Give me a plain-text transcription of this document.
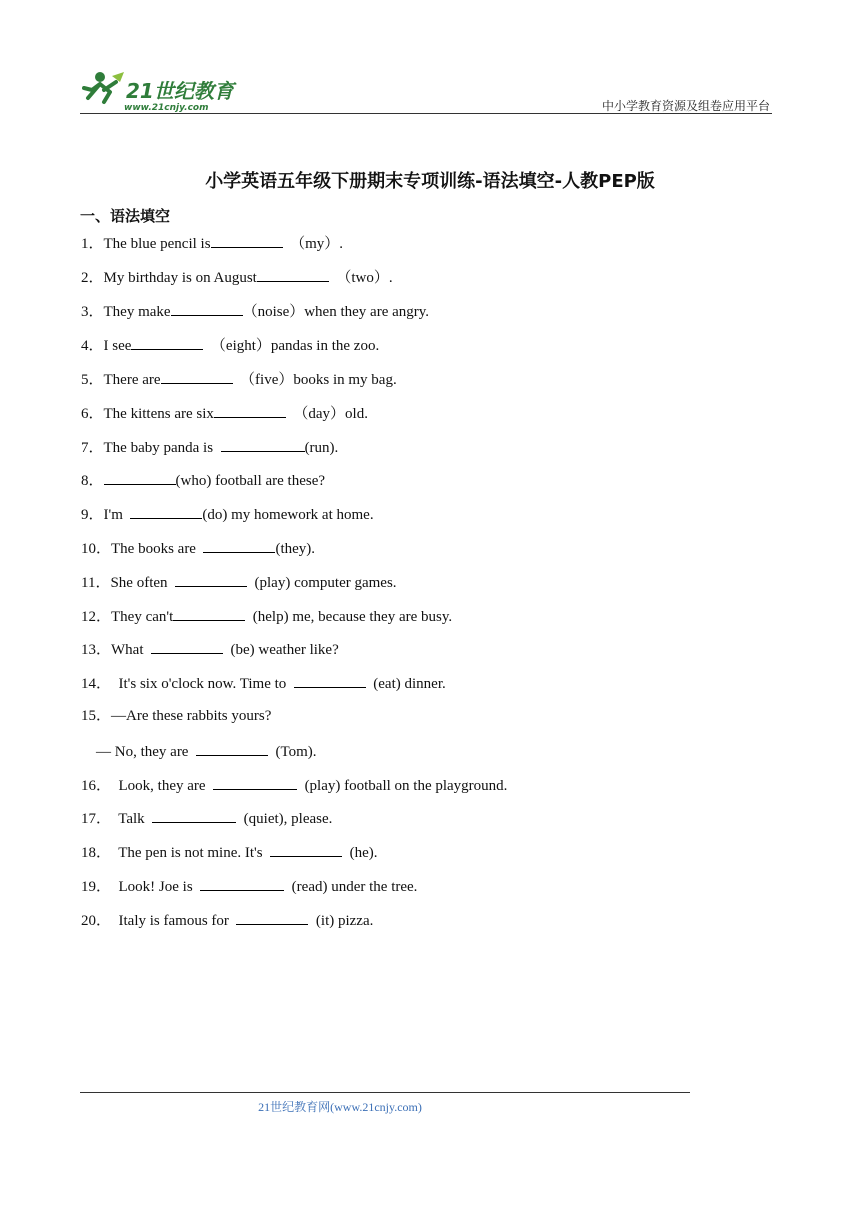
21世纪教育
www.21cnjy.com	中小学教育资源及组卷应用平台
小学英语五年级下册期末专项训练-语法填空-人教PEP版
一、语法填空
1．The blue pencil is	（my）.
2．My birthday is on August	（two）.
3．They make	（noise）when they are angry.
4．I see	（eight）pandas in the zoo.
5．There are	（five）books in my bag.
6．The kittens are six	（day）old.
7．The baby panda is	(run).
8．	(who) football are these?
9．I'm	(do) my homework at home.
10．The books are	(they).
11．She often	(play) computer games.
12．They can't	(help) me, because they are busy.
13．What	(be) weather like?
14．  It's six o'clock now. Time to	(eat) dinner.
15．—Are these rabbits yours?
— No, they are	(Tom).
16．  Look, they are	(play) football on the playground.
17．  Talk	(quiet), please.
18．  The pen is not mine. It's	(he).
19．  Look! Joe is	(read) under the tree.
20．  Italy is famous for	(it) pizza.
21世纪教育网(www.21cnjy.com)
